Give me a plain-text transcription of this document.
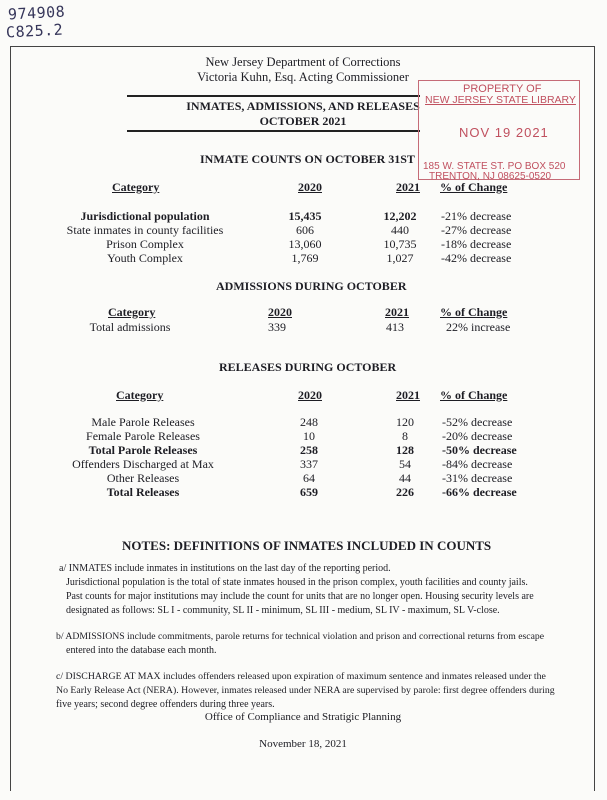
974908
C825.2
New Jersey Department of Corrections
Victoria Kuhn, Esq. Acting Commissioner
INMATES, ADMISSIONS, AND RELEASES
OCTOBER 2021
PROPERTY OF
NEW JERSEY STATE LIBRARY
NOV 19 2021
185 W. STATE ST. PO BOX 520
TRENTON, NJ 08625-0520
INMATE COUNTS ON OCTOBER 31ST
Category	2020	2021 % of Change
Jurisdictional population	15,435	12,202 -21% decrease
State inmates in county facilities	606	440	-27% decrease
Prison Complex	13,060	10,735 -18% decrease
Youth Complex	1,769	1,027 -42% decrease
ADMISSIONS DURING OCTOBER
Category	2020	2021	% of Change
Total admissions	339	413	22% increase
RELEASES DURING OCTOBER
Category	2020	2021 % of Change
Male Parole Releases	248	120 -52% decrease
Female Parole Releases	10	8	-20% decrease
Total Parole Releases	258	128 -50% decrease
Offenders Discharged at Max	337	54	-84% decrease
Other Releases	64	44	-31% decrease
Total Releases	659	226 -66% decrease
NOTES: DEFINITIONS OF INMATES INCLUDED IN COUNTS
a/ INMATES include inmates in institutions on the last day of the reporting period.
Jurisdictional population is the total of state inmates housed in the prison complex, youth facilities and county jails.
Past counts for major institutions may include the count for units that are no longer open. Housing security levels are
designated as follows: SL I - community, SL II - minimum, SL III - medium, SL IV - maximum, SL V-close.
b/ ADMISSIONS include commitments, parole returns for technical violation and prison and correctional returns from escape
entered into the database each month.
c/ DISCHARGE AT MAX includes offenders released upon expiration of maximum sentence and inmates released under the
No Early Release Act (NERA). However, inmates released under NERA are supervised by parole: first degree offenders during
five years; second degree offenders during three years.
Office of Compliance and Stratigic Planning
November 18, 2021
